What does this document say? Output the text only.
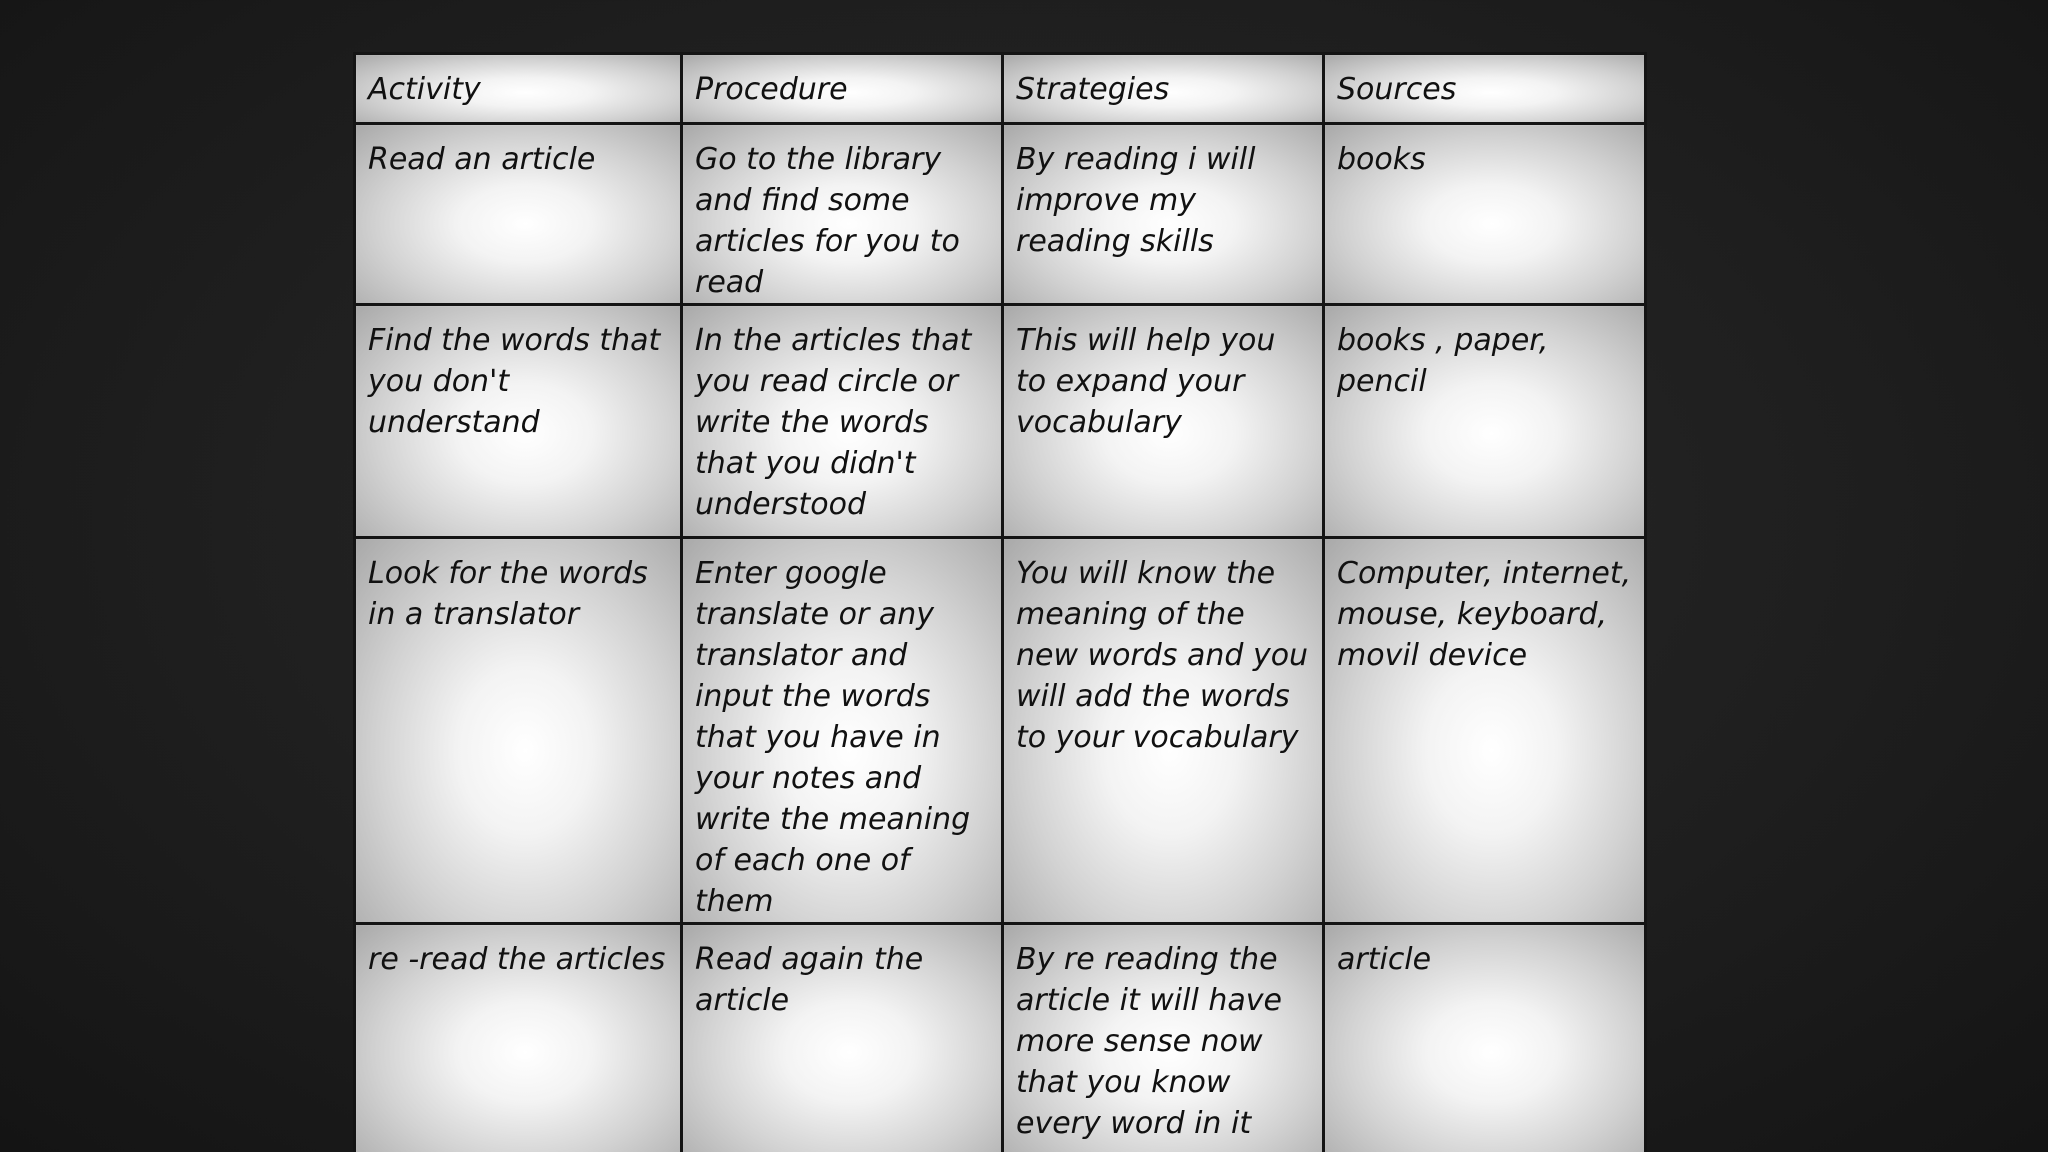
Activity	Procedure	Strategies	Sources
Read an article	Go to the library and find some articles for you to read	By reading i will improve my reading skills	books
Find the words that you don't understand	In the articles that you read circle or write the words that you didn't understood	This will help you to expand your vocabulary	books , paper, pencil
Look for the words in a translator	Enter google translate or any translator and input the words that you have in your notes and write the meaning of each one of them	You will know the meaning of the new words and you will add the words to your vocabulary	Computer, internet, mouse, keyboard, movil device
re -read the articles	Read again the article	By re reading the article it will have more sense now that you know every word in it	article
